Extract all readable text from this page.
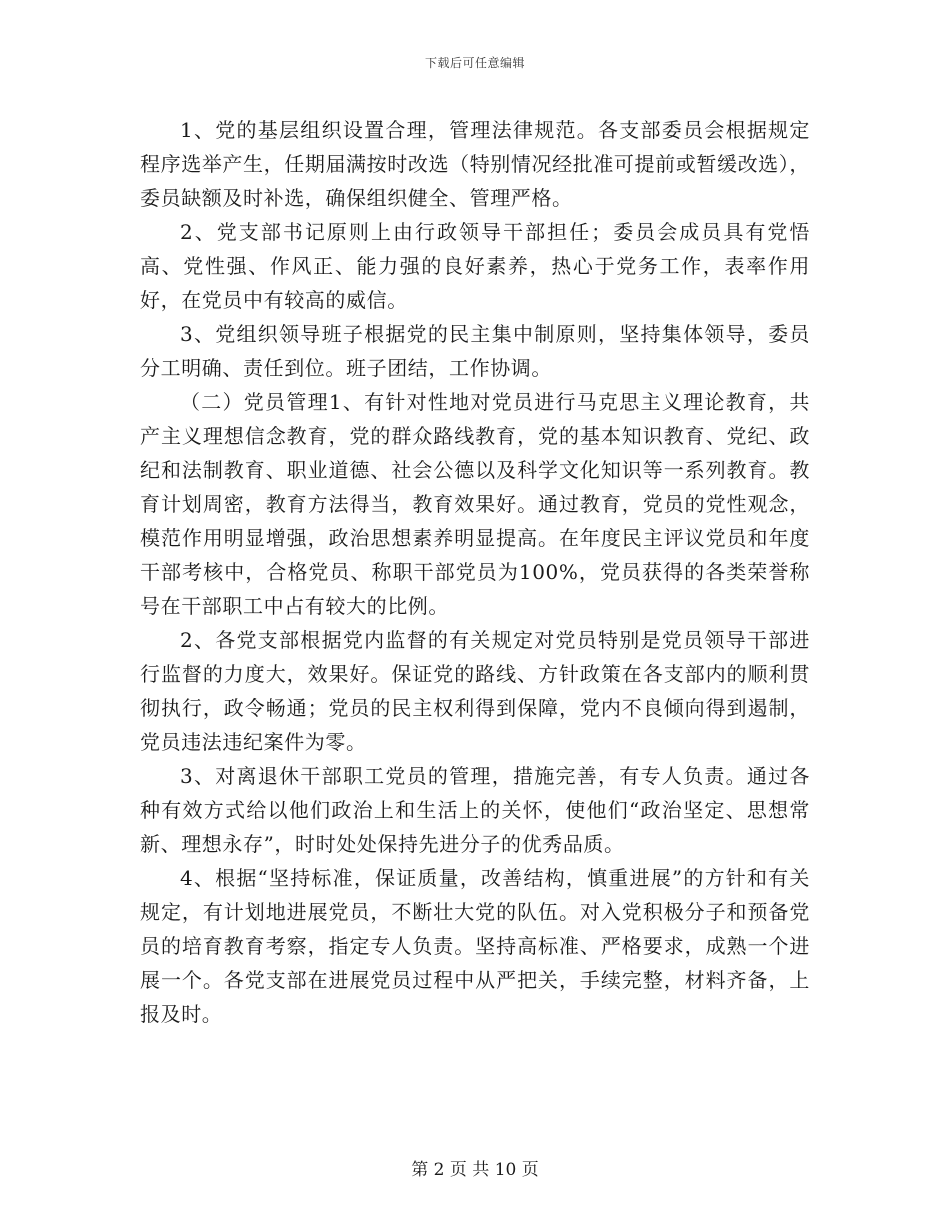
下载后可任意编辑

1、党的基层组织设置合理，管理法律规范。各支部委员会根据规定程序选举产生，任期届满按时改选（特别情况经批准可提前或暂缓改选），委员缺额及时补选，确保组织健全、管理严格。

2、党支部书记原则上由行政领导干部担任；委员会成员具有党悟高、党性强、作风正、能力强的良好素养，热心于党务工作，表率作用好，在党员中有较高的威信。

3、党组织领导班子根据党的民主集中制原则，坚持集体领导，委员分工明确、责任到位。班子团结，工作协调。

（二）党员管理1、有针对性地对党员进行马克思主义理论教育，共产主义理想信念教育，党的群众路线教育，党的基本知识教育、党纪、政纪和法制教育、职业道德、社会公德以及科学文化知识等一系列教育。教育计划周密，教育方法得当，教育效果好。通过教育，党员的党性观念，模范作用明显增强，政治思想素养明显提高。在年度民主评议党员和年度干部考核中，合格党员、称职干部党员为100%，党员获得的各类荣誉称号在干部职工中占有较大的比例。

2、各党支部根据党内监督的有关规定对党员特别是党员领导干部进行监督的力度大，效果好。保证党的路线、方针政策在各支部内的顺利贯彻执行，政令畅通；党员的民主权利得到保障，党内不良倾向得到遏制，党员违法违纪案件为零。

3、对离退休干部职工党员的管理，措施完善，有专人负责。通过各种有效方式给以他们政治上和生活上的关怀，使他们“政治坚定、思想常新、理想永存”，时时处处保持先进分子的优秀品质。

4、根据“坚持标准，保证质量，改善结构，慎重进展”的方针和有关规定，有计划地进展党员，不断壮大党的队伍。对入党积极分子和预备党员的培育教育考察，指定专人负责。坚持高标准、严格要求，成熟一个进展一个。各党支部在进展党员过程中从严把关，手续完整，材料齐备，上报及时。

第 2 页 共 10 页
